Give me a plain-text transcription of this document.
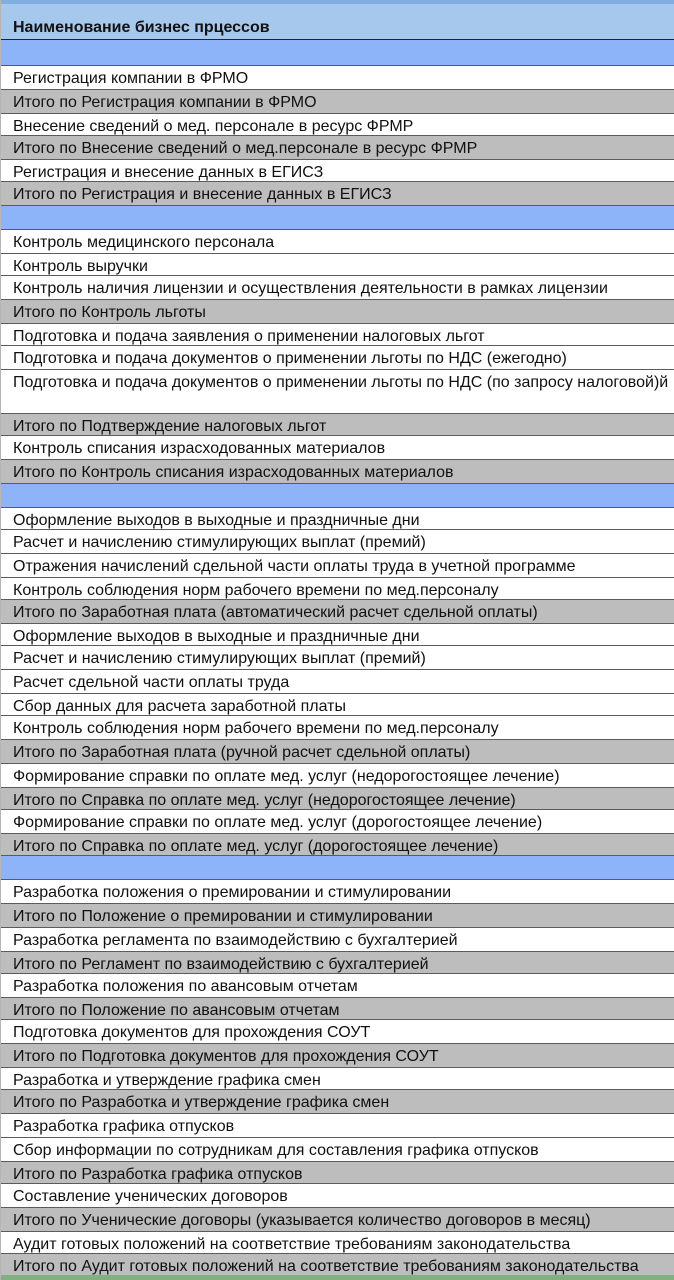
Наименование бизнес прцессов
Регистрация компании в ФРМО
Итого по Регистрация компании в ФРМО
Внесение сведений о мед. персонале в ресурс ФРМР
Итого по Внесение сведений о мед.персонале в ресурс ФРМР
Регистрация и внесение данных в ЕГИСЗ
Итого по Регистрация и внесение данных в ЕГИСЗ
Контроль медицинского персонала
Контроль выручки
Контроль наличия лицензии и осуществления деятельности в рамках лицензии
Итого по Контроль льготы
Подготовка и подача заявления о применении налоговых льгот
Подготовка и подача документов о применении льготы по НДС (ежегодно)
Подготовка и подача документов о применении льготы по НДС (по запросу налоговой)й
Итого по Подтверждение налоговых льгот
Контроль списания израсходованных материалов
Итого по Контроль списания израсходованных материалов
Оформление выходов в выходные и праздничные дни
Расчет и начислению стимулирующих выплат (премий)
Отражения начислений сдельной части оплаты труда в учетной программе
Контроль соблюдения норм рабочего времени по мед.персоналу
Итого по Заработная плата (автоматический расчет сдельной оплаты)
Оформление выходов в выходные и праздничные дни
Расчет и начислению стимулирующих выплат (премий)
Расчет сдельной части оплаты труда
Сбор данных для расчета заработной платы
Контроль соблюдения норм рабочего времени по мед.персоналу
Итого по Заработная плата (ручной расчет сдельной оплаты)
Формирование справки по оплате мед. услуг (недорогостоящее лечение)
Итого по Справка по оплате мед. услуг (недорогостоящее лечение)
Формирование справки по оплате мед. услуг (дорогостоящее лечение)
Итого по Справка по оплате мед. услуг (дорогостоящее лечение)
Разработка положения о премировании и стимулировании
Итого по Положение о премировании и стимулировании
Разработка регламента по взаимодействию с бухгалтерией
Итого по Регламент по взаимодействию с бухгалтерией
Разработка положения по авансовым отчетам
Итого по Положение по авансовым отчетам
Подготовка документов для прохождения СОУТ
Итого по Подготовка документов для прохождения СОУТ
Разработка и утверждение графика смен
Итого по Разработка и утверждение графика смен
Разработка графика отпусков
Сбор информации по сотрудникам для составления графика отпусков
Итого по Разработка графика отпусков
Составление ученических договоров
Итого по Ученические договоры (указывается количество договоров в месяц)
Аудит готовых положений на соответствие требованиям законодательства
Итого по Аудит готовых положений на соответствие требованиям законодательства
